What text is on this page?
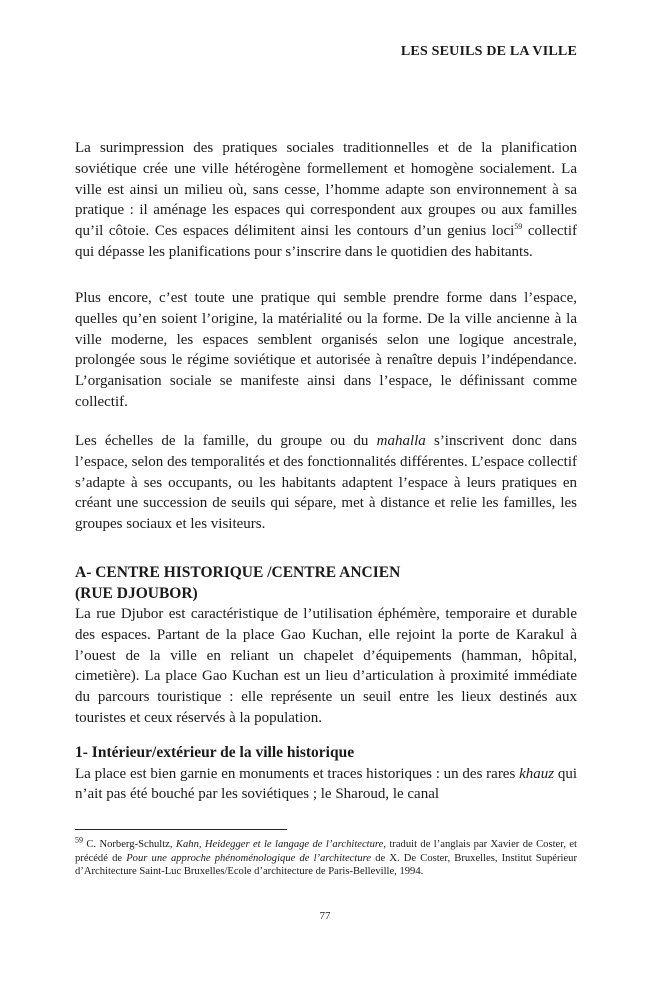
LES SEUILS DE LA VILLE

La surimpression des pratiques sociales traditionnelles et de la planification soviétique crée une ville hétérogène formellement et homogène socialement. La ville est ainsi un milieu où, sans cesse, l’homme adapte son environnement à sa pratique : il aménage les espaces qui correspondent aux groupes ou aux familles qu’il côtoie. Ces espaces délimitent ainsi les contours d’un genius loci$^{59}$ collectif qui dépasse les planifications pour s’inscrire dans le quotidien des habitants.

Plus encore, c’est toute une pratique qui semble prendre forme dans l’espace, quelles qu’en soient l’origine, la matérialité ou la forme. De la ville ancienne à la ville moderne, les espaces semblent organisés selon une logique ancestrale, prolongée sous le régime soviétique et autorisée à renaître depuis l’indépendance. L’organisation sociale se manifeste ainsi dans l’espace, le définissant comme collectif.

Les échelles de la famille, du groupe ou du mahalla s’inscrivent donc dans l’espace, selon des temporalités et des fonctionnalités différentes. L’espace collectif s’adapte à ses occupants, ou les habitants adaptent l’espace à leurs pratiques en créant une succession de seuils qui sépare, met à distance et relie les familles, les groupes sociaux et les visiteurs.

A- CENTRE HISTORIQUE /CENTRE ANCIEN
(RUE DJOUBOR)

La rue Djubor est caractéristique de l’utilisation éphémère, temporaire et durable des espaces. Partant de la place Gao Kuchan, elle rejoint la porte de Karakul à l’ouest de la ville en reliant un chapelet d’équipements (hamman, hôpital, cimetière). La place Gao Kuchan est un lieu d’articulation à proximité immédiate du parcours touristique : elle représente un seuil entre les lieux destinés aux touristes et ceux réservés à la population.

1- Intérieur/extérieur de la ville historique

La place est bien garnie en monuments et traces historiques : un des rares khauz qui n’ait pas été bouché par les soviétiques ; le Sharoud, le canal

$^{59}$ C. Norberg-Schultz, Kahn, Heidegger et le langage de l’architecture, traduit de l’anglais par Xavier de Coster, et précédé de Pour une approche phénoménologique de l’architecture de X. De Coster, Bruxelles, Institut Supérieur d’Architecture Saint-Luc Bruxelles/Ecole d’architecture de Paris-Belleville, 1994.
77
